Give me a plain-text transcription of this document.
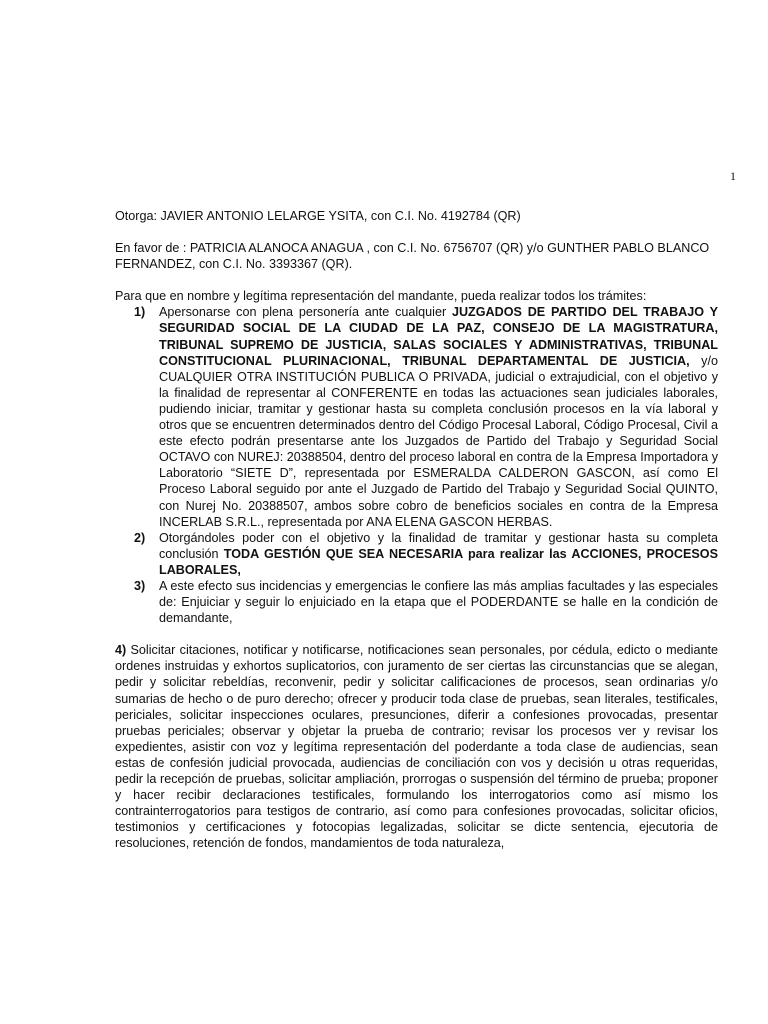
1

Otorga: JAVIER ANTONIO LELARGE YSITA, con C.I. No. 4192784 (QR)

En favor de : PATRICIA ALANOCA ANAGUA , con C.I. No. 6756707 (QR) y/o GUNTHER PABLO BLANCO FERNANDEZ, con C.I. No. 3393367 (QR).

Para que en nombre y legítima representación del mandante, pueda realizar todos los trámites:

1) Apersonarse con plena personería ante cualquier JUZGADOS DE PARTIDO DEL TRABAJO Y SEGURIDAD SOCIAL DE LA CIUDAD DE LA PAZ, CONSEJO DE LA MAGISTRATURA, TRIBUNAL SUPREMO DE JUSTICIA, SALAS SOCIALES Y ADMINISTRATIVAS, TRIBUNAL CONSTITUCIONAL PLURINACIONAL, TRIBUNAL DEPARTAMENTAL DE JUSTICIA, y/o CUALQUIER OTRA INSTITUCIÓN PUBLICA O PRIVADA, judicial o extrajudicial, con el objetivo y la finalidad de representar al CONFERENTE en todas las actuaciones sean judiciales laborales, pudiendo iniciar, tramitar y gestionar hasta su completa conclusión procesos en la vía laboral y otros que se encuentren determinados dentro del Código Procesal Laboral, Código Procesal, Civil a este efecto podrán presentarse ante los Juzgados de Partido del Trabajo y Seguridad Social OCTAVO con NUREJ: 20388504, dentro del proceso laboral en contra de la Empresa Importadora y Laboratorio “SIETE D”, representada por ESMERALDA CALDERON GASCON, así como El Proceso Laboral seguido por ante el Juzgado de Partido del Trabajo y Seguridad Social QUINTO, con Nurej No. 20388507, ambos sobre cobro de beneficios sociales en contra de la Empresa INCERLAB S.R.L., representada por ANA ELENA GASCON HERBAS.
2) Otorgándoles poder con el objetivo y la finalidad de tramitar y gestionar hasta su completa conclusión TODA GESTIÓN QUE SEA NECESARIA para realizar las ACCIONES, PROCESOS LABORALES,
3) A este efecto sus incidencias y emergencias le confiere las más amplias facultades y las especiales de: Enjuiciar y seguir lo enjuiciado en la etapa que el PODERDANTE se halle en la condición de demandante,

4) Solicitar citaciones, notificar y notificarse, notificaciones sean personales, por cédula, edicto o mediante ordenes instruidas y exhortos suplicatorios, con juramento de ser ciertas las circunstancias que se alegan, pedir y solicitar rebeldías, reconvenir, pedir y solicitar calificaciones de procesos, sean ordinarias y/o sumarias de hecho o de puro derecho; ofrecer y producir toda clase de pruebas, sean literales, testificales, periciales, solicitar inspecciones oculares, presunciones, diferir a confesiones provocadas, presentar pruebas periciales; observar y objetar la prueba de contrario; revisar los procesos ver y revisar los expedientes, asistir con voz y legítima representación del poderdante a toda clase de audiencias, sean estas de confesión judicial provocada, audiencias de conciliación con vos y decisión u otras requeridas, pedir la recepción de pruebas, solicitar ampliación, prorrogas o suspensión del término de prueba; proponer y hacer recibir declaraciones testificales, formulando los interrogatorios como así mismo los contrainterrogatorios para testigos de contrario, así como para confesiones provocadas, solicitar oficios, testimonios y certificaciones y fotocopias legalizadas, solicitar se dicte sentencia, ejecutoria de resoluciones, retención de fondos, mandamientos de toda naturaleza,
